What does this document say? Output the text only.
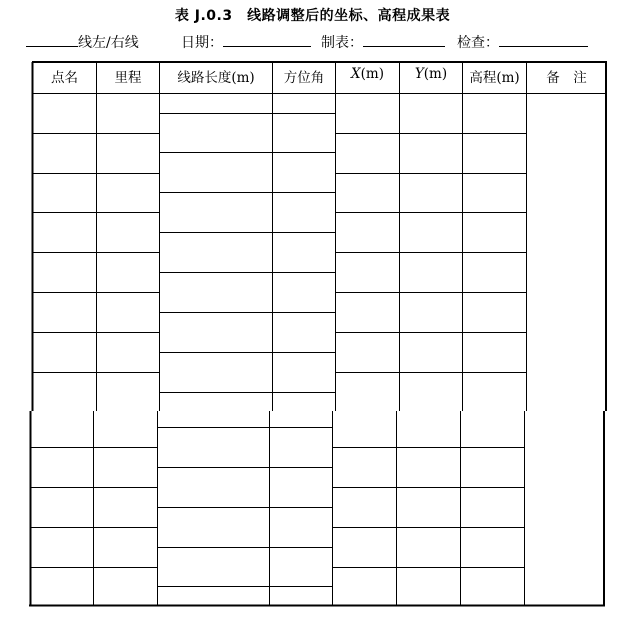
表 J.0.3　线路调整后的坐标、高程成果表
线左/右线	日期：	制表：	检查：
点名	里程	线路长度(m)	方位角	X(m)	Y(m)	高程(m)	备　注
